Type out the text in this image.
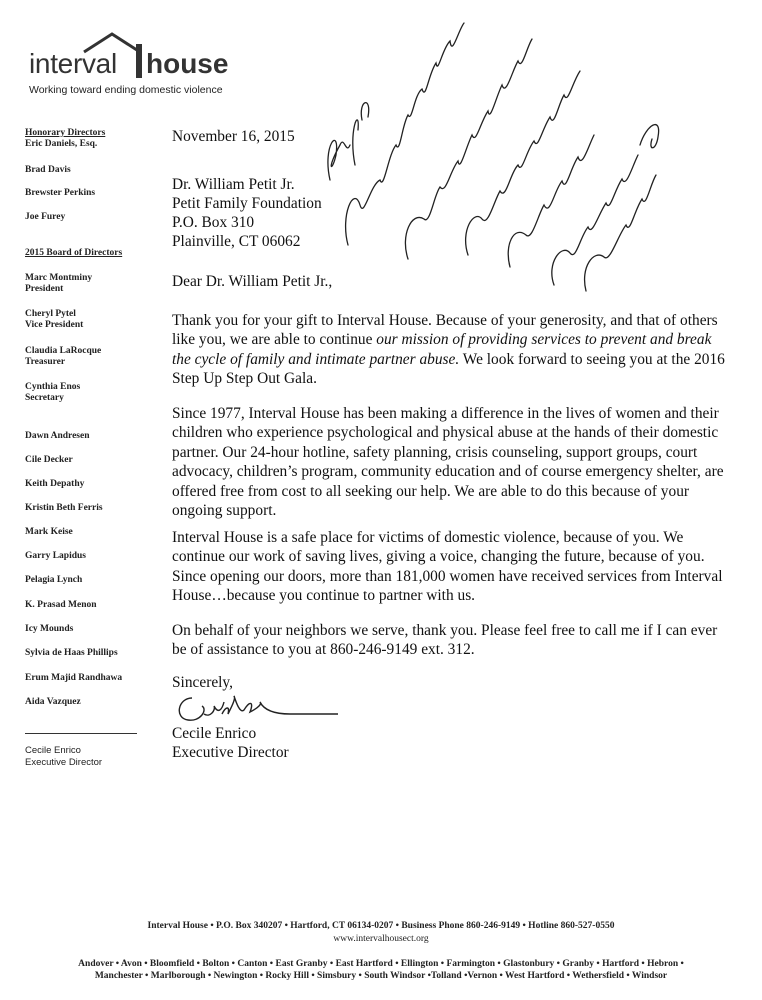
interval house
Working toward ending domestic violence
Honorary Directors
Eric Daniels, Esq.
Brad Davis
Brewster Perkins
Joe Furey
2015 Board of Directors
Marc Montminy
President
Cheryl Pytel
Vice President
Claudia LaRocque
Treasurer
Cynthia Enos
Secretary
Dawn Andresen
Cile Decker
Keith Depathy
Kristin Beth Ferris
Mark Keise
Garry Lapidus
Pelagia Lynch
K. Prasad Menon
Icy Mounds
Sylvia de Haas Phillips
Erum Majid Randhawa
Aida Vazquez
Cecile Enrico
Executive Director
November 16, 2015
Dr. William Petit Jr.
Petit Family Foundation
P.O. Box 310
Plainville, CT 06062
Dear Dr. William Petit Jr.,
Thank you for your gift to Interval House. Because of your generosity, and that of others like you, we are able to continue our mission of providing services to prevent and break the cycle of family and intimate partner abuse. We look forward to seeing you at the 2016 Step Up Step Out Gala.
Since 1977, Interval House has been making a difference in the lives of women and their children who experience psychological and physical abuse at the hands of their domestic partner. Our 24-hour hotline, safety planning, crisis counseling, support groups, court advocacy, children’s program, community education and of course emergency shelter, are offered free from cost to all seeking our help. We are able to do this because of your ongoing support.
Interval House is a safe place for victims of domestic violence, because of you. We continue our work of saving lives, giving a voice, changing the future, because of you. Since opening our doors, more than 181,000 women have received services from Interval House…because you continue to partner with us.
On behalf of your neighbors we serve, thank you. Please feel free to call me if I can ever be of assistance to you at 860-246-9149 ext. 312.
Sincerely,
Cecile Enrico
Executive Director
Interval House • P.O. Box 340207 • Hartford, CT 06134-0207 • Business Phone 860-246-9149 • Hotline 860-527-0550
www.intervalhousect.org
Andover • Avon • Bloomfield • Bolton • Canton • East Granby • East Hartford • Ellington • Farmington • Glastonbury • Granby • Hartford • Hebron •
Manchester • Marlborough • Newington • Rocky Hill • Simsbury • South Windsor •Tolland •Vernon • West Hartford • Wethersfield • Windsor
